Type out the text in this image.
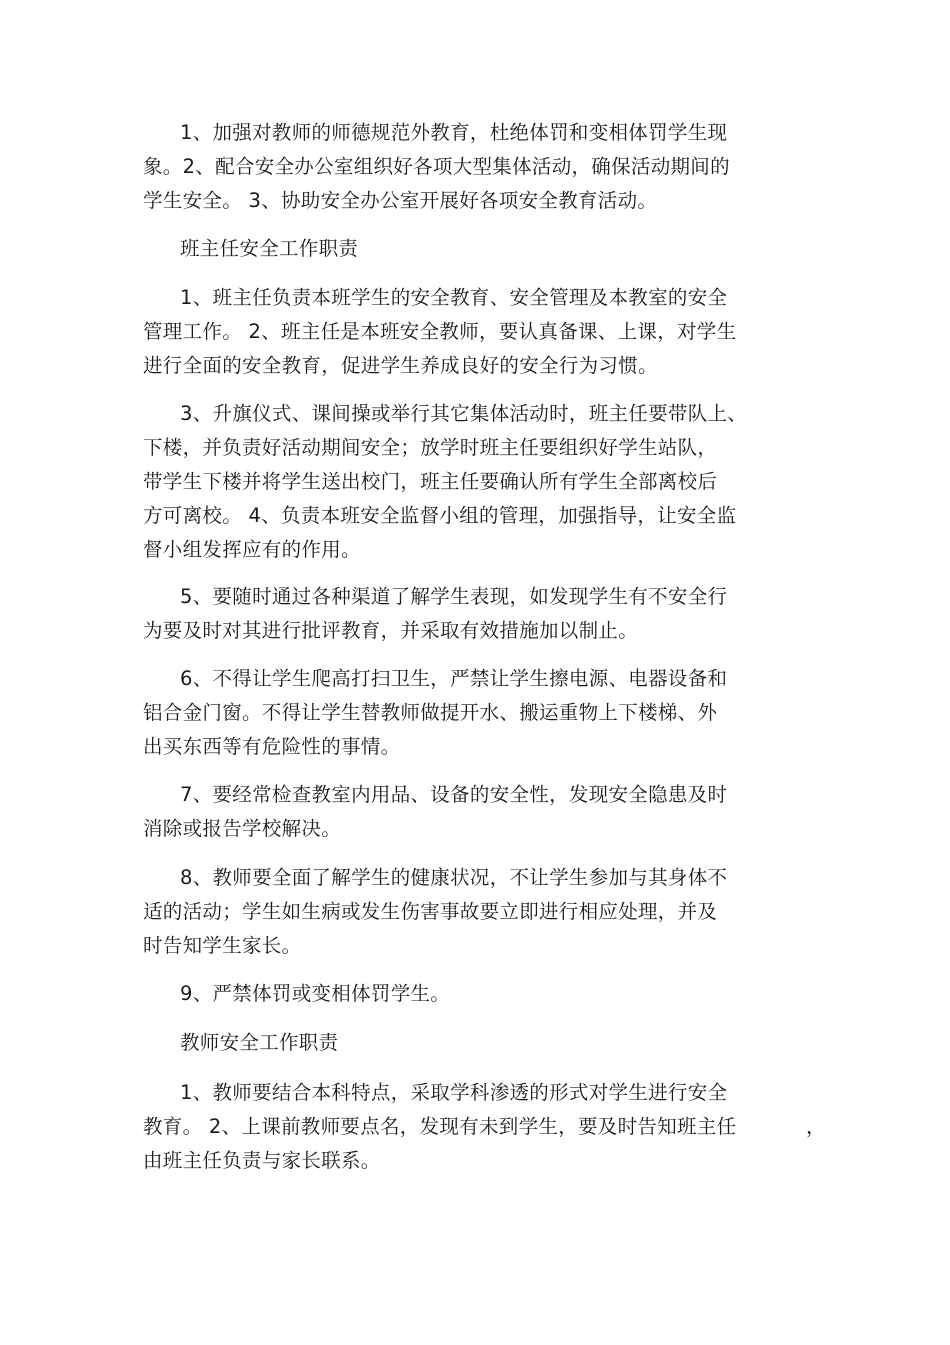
1、加强对教师的师德规范外教育，杜绝体罚和变相体罚学生现
象。2、配合安全办公室组织好各项大型集体活动，确保活动期间的
学生安全。 3、协助安全办公室开展好各项安全教育活动。
班主任安全工作职责
1、班主任负责本班学生的安全教育、安全管理及本教室的安全
管理工作。 2、班主任是本班安全教师，要认真备课、上课，对学生
进行全面的安全教育，促进学生养成良好的安全行为习惯。
3、升旗仪式、课间操或举行其它集体活动时，班主任要带队上、
下楼，并负责好活动期间安全；放学时班主任要组织好学生站队，
带学生下楼并将学生送出校门，班主任要确认所有学生全部离校后
方可离校。 4、负责本班安全监督小组的管理，加强指导，让安全监
督小组发挥应有的作用。
5、要随时通过各种渠道了解学生表现，如发现学生有不安全行
为要及时对其进行批评教育，并采取有效措施加以制止。
6、不得让学生爬高打扫卫生，严禁让学生擦电源、电器设备和
铝合金门窗。不得让学生替教师做提开水、搬运重物上下楼梯、外
出买东西等有危险性的事情。
7、要经常检查教室内用品、设备的安全性，发现安全隐患及时
消除或报告学校解决。
8、教师要全面了解学生的健康状况，不让学生参加与其身体不
适的活动；学生如生病或发生伤害事故要立即进行相应处理，并及
时告知学生家长。
9、严禁体罚或变相体罚学生。
教师安全工作职责
1、教师要结合本科特点，采取学科渗透的形式对学生进行安全
教育。 2、上课前教师要点名，发现有未到学生，要及时告知班主任
由班主任负责与家长联系。
，
